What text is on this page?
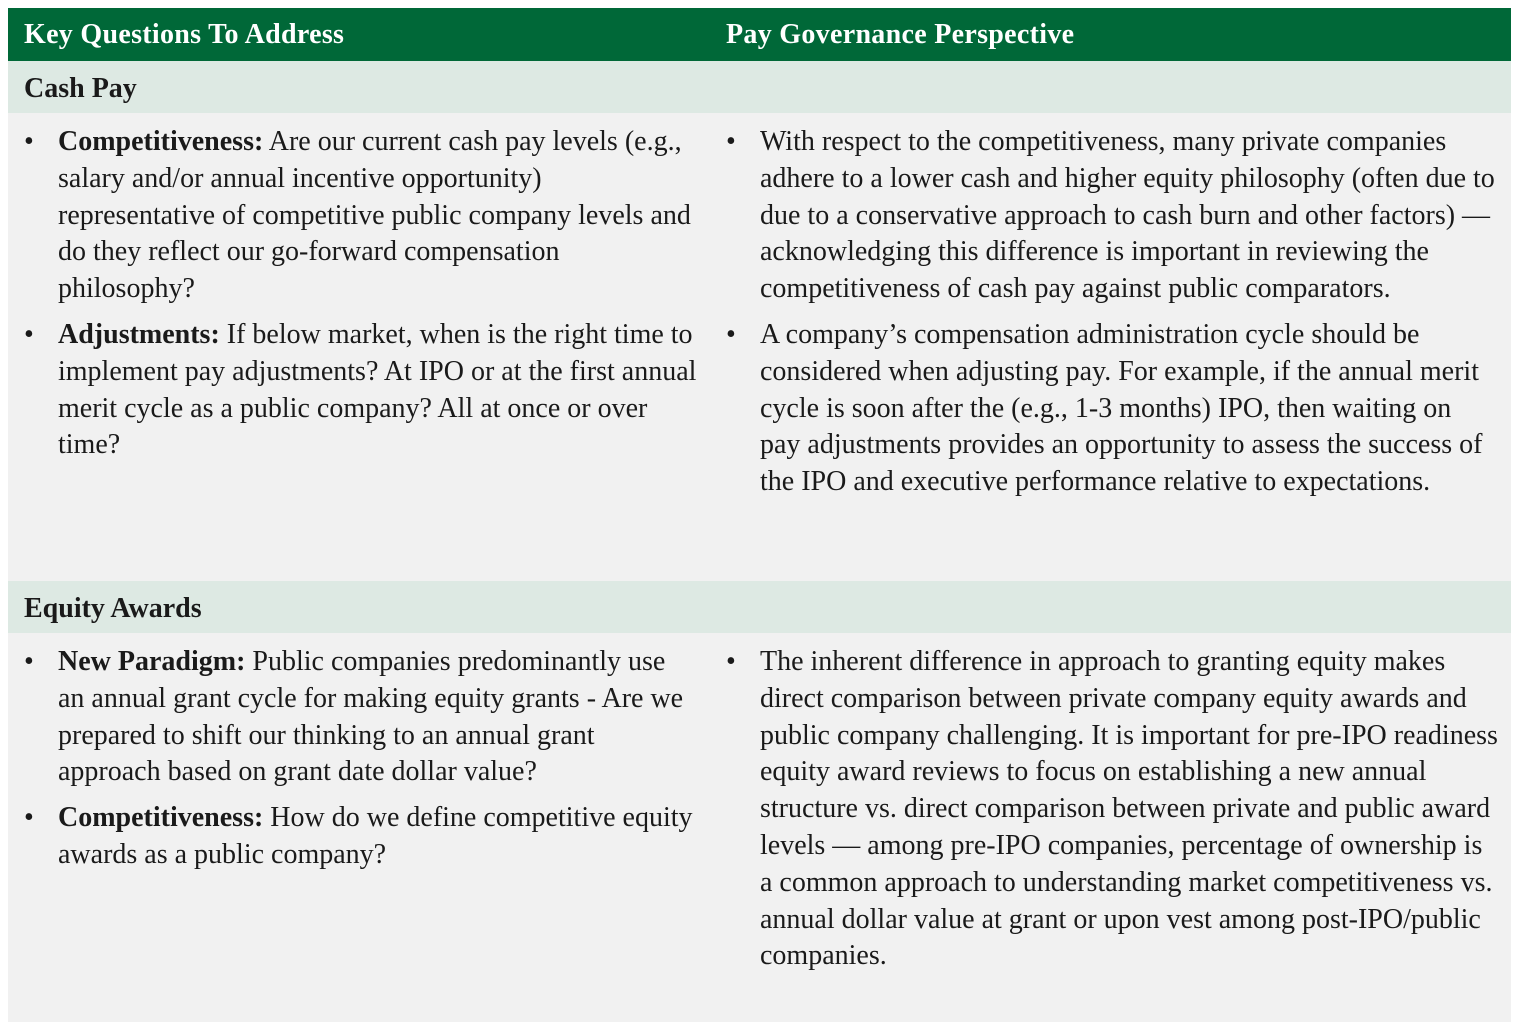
Key Questions To Address	Pay Governance Perspective
Cash Pay
• Competitiveness: Are our current cash pay levels (e.g., salary and/or annual incentive opportunity) representative of competitive public company levels and do they reflect our go-forward compensation philosophy?
• Adjustments: If below market, when is the right time to implement pay adjustments? At IPO or at the first annual merit cycle as a public company? All at once or over time?
• With respect to the competitiveness, many private companies adhere to a lower cash and higher equity philosophy (often due to due to a conservative approach to cash burn and other factors) — acknowledging this difference is important in reviewing the competitiveness of cash pay against public comparators.
• A company’s compensation administration cycle should be considered when adjusting pay. For example, if the annual merit cycle is soon after the (e.g., 1-3 months) IPO, then waiting on pay adjustments provides an opportunity to assess the success of the IPO and executive performance relative to expectations.
Equity Awards
• New Paradigm: Public companies predominantly use an annual grant cycle for making equity grants - Are we prepared to shift our thinking to an annual grant approach based on grant date dollar value?
• Competitiveness: How do we define competitive equity awards as a public company?
• The inherent difference in approach to granting equity makes direct comparison between private company equity awards and public company challenging. It is important for pre-IPO readiness equity award reviews to focus on establishing a new annual structure vs. direct comparison between private and public award levels — among pre-IPO companies, percentage of ownership is a common approach to understanding market competitiveness vs. annual dollar value at grant or upon vest among post-IPO/public companies.
